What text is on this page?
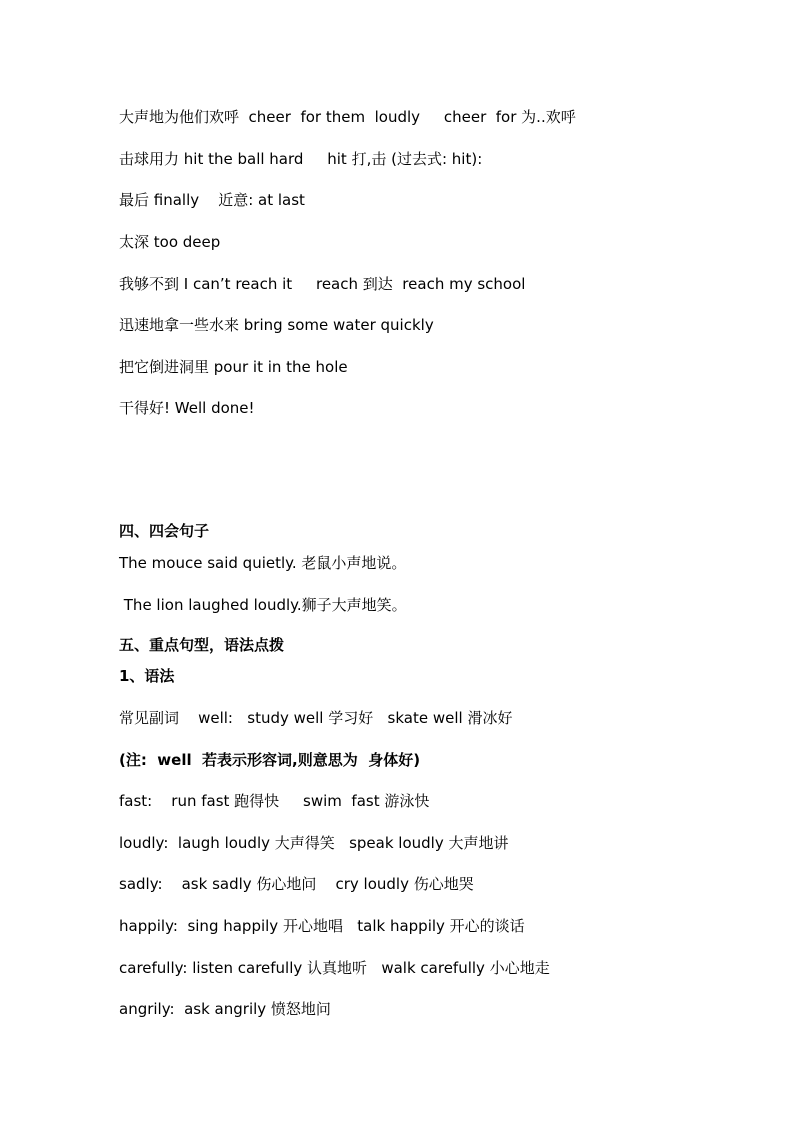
大声地为他们欢呼  cheer  for them  loudly     cheer  for 为..欢呼
击球用力 hit the ball hard     hit 打,击 (过去式: hit):
最后 finally    近意: at last
太深 too deep
我够不到 I can’t reach it     reach 到达  reach my school
迅速地拿一些水来 bring some water quickly
把它倒进洞里 pour it in the hole
干得好! Well done!
四、四会句子
The mouce said quietly. 老鼠小声地说。
The lion laughed loudly.狮子大声地笑。
五、重点句型，语法点拨
1、语法
常见副词    well:   study well 学习好   skate well 滑冰好
(注:  well  若表示形容词,则意思为  身体好)
fast:    run fast 跑得快     swim  fast 游泳快
loudly:  laugh loudly 大声得笑   speak loudly 大声地讲
sadly:    ask sadly 伤心地问    cry loudly 伤心地哭
happily:  sing happily 开心地唱   talk happily 开心的谈话
carefully: listen carefully 认真地听   walk carefully 小心地走
angrily:  ask angrily 愤怒地问
